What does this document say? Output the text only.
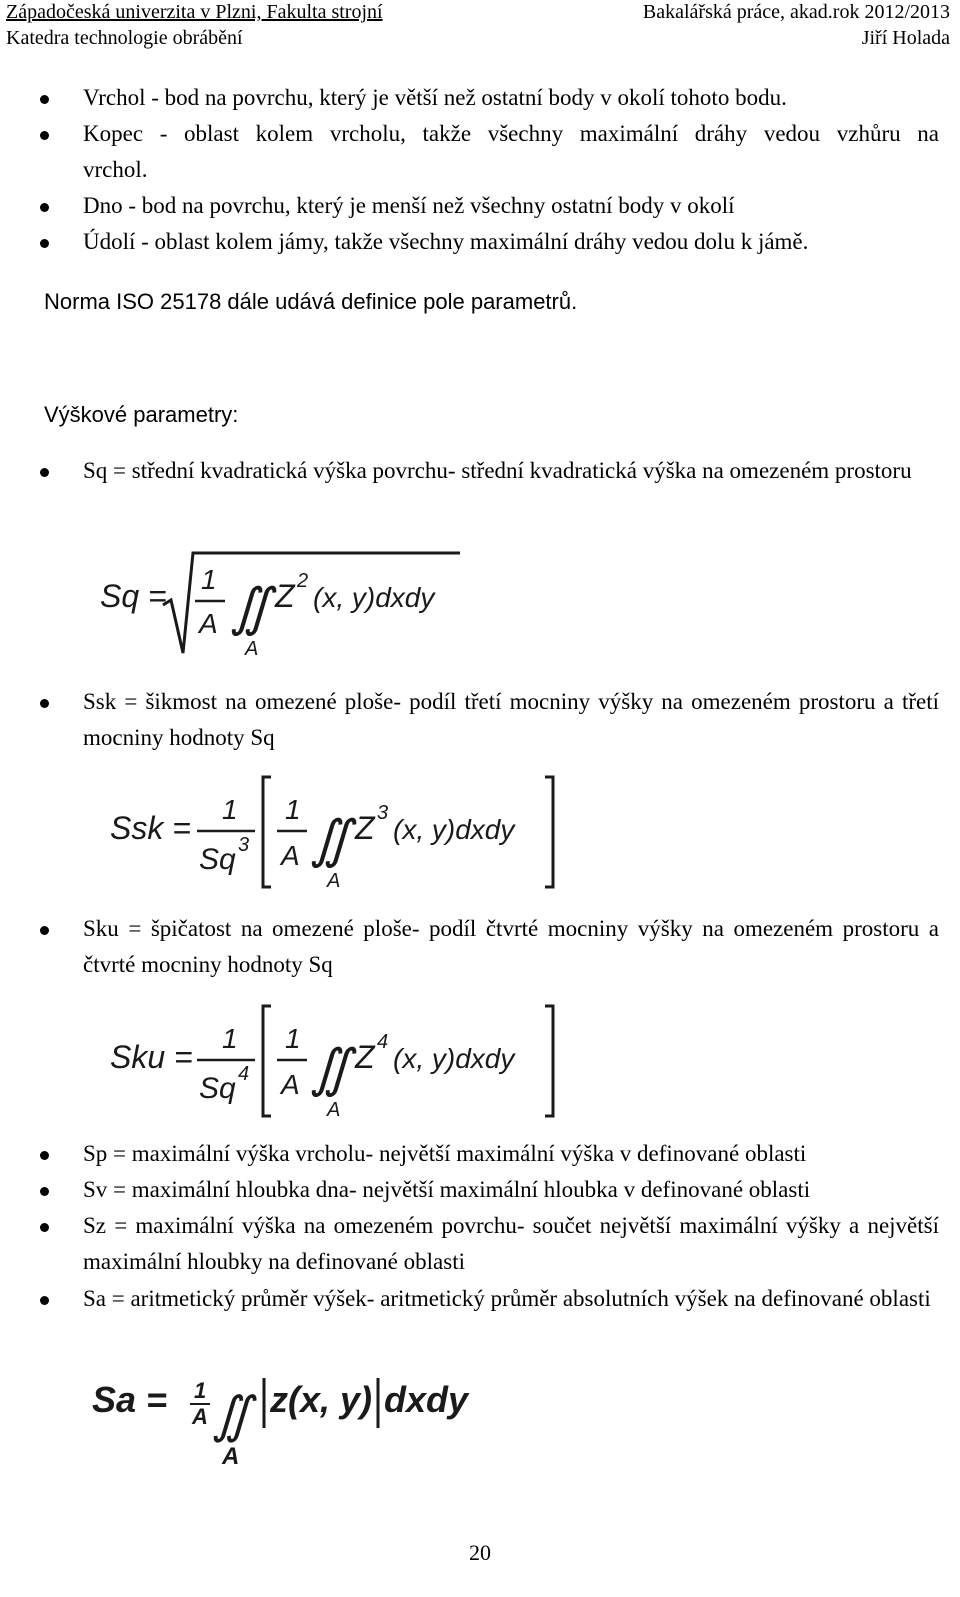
Západočeská univerzita v Plzni, Fakulta strojní	Bakalářská práce, akad.rok 2012/2013
Katedra technologie obrábění	Jiří Holada
Vrchol - bod na povrchu, který je větší než ostatní body v okolí tohoto bodu.
Kopec - oblast kolem vrcholu, takže všechny maximální dráhy vedou vzhůru na
vrchol.
Dno - bod na povrchu, který je menší než všechny ostatní body v okolí
Údolí - oblast kolem jámy, takže všechny maximální dráhy vedou dolu k jámě.
Norma ISO 25178 dále udává definice pole parametrů.
Výškové parametry:
Sq = střední kvadratická výška povrchu- střední kvadratická výška na omezeném prostoru
Sq = 1
A ∬
A
Z 2
(x, y)dxdy
Ssk = šikmost na omezené ploše- podíl třetí mocniny výšky na omezeném prostoru a třetí mocniny hodnoty Sq
Ssk =
1
Sq 3
1
A ∬
A
Z 3
(x, y)dxdy
Sku = špičatost na omezené ploše- podíl čtvrté mocniny výšky na omezeném prostoru a čtvrté mocniny hodnoty Sq
Sku =
1
Sq 4
1
A ∬
A
Z 4
(x, y)dxdy
Sp = maximální výška vrcholu- největší maximální výška v definované oblasti
Sv = maximální hloubka dna- největší maximální hloubka v definované oblasti
Sz = maximální výška na omezeném povrchu- součet největší maximální výšky a největší maximální hloubky na definované oblasti
Sa = aritmetický průměr výšek- aritmetický průměr absolutních výšek na definované oblasti
Sa = 1
A ∬
A
z(x, y) dxdy
20
